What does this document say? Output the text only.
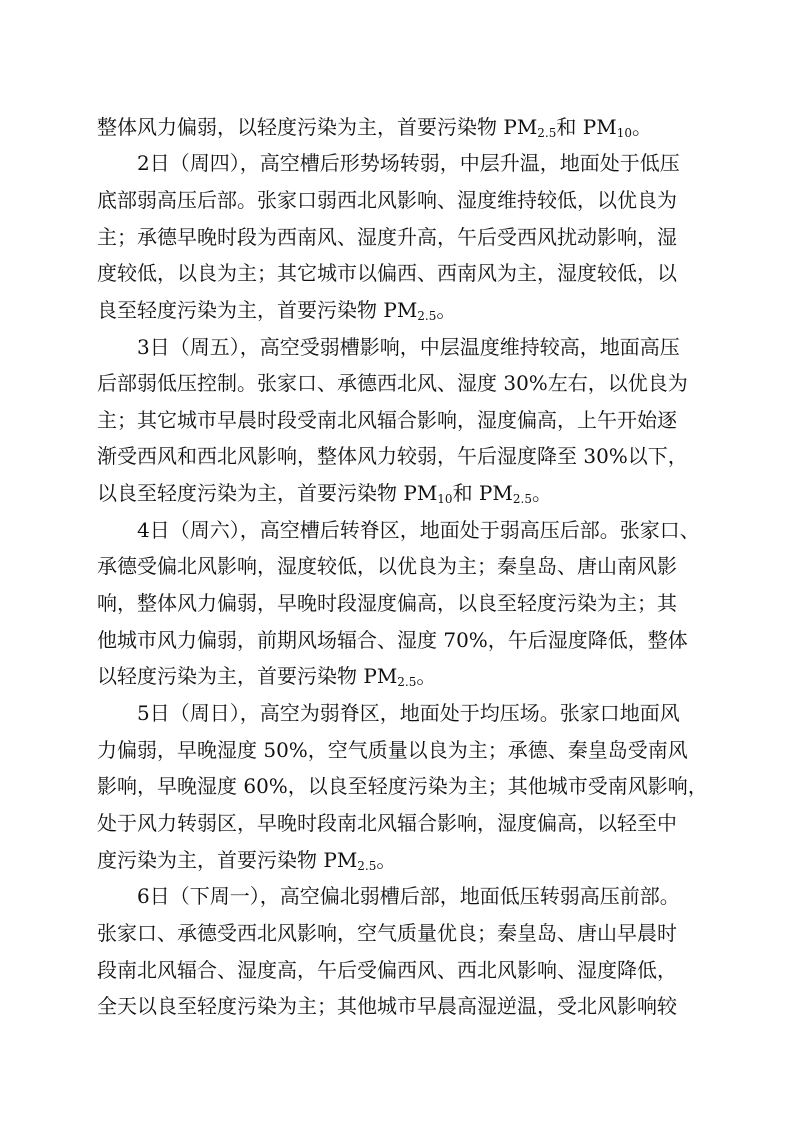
整体风力偏弱，以轻度污染为主，首要污染物 $PM_{2.5}$和 $PM_{10}$。
2日（周四），高空槽后形势场转弱，中层升温，地面处于低压
底部弱高压后部。张家口弱西北风影响、湿度维持较低，以优良为
主；承德早晚时段为西南风、湿度升高，午后受西风扰动影响，湿
度较低，以良为主；其它城市以偏西、西南风为主，湿度较低，以
良至轻度污染为主，首要污染物 $PM_{2.5}$。
3日（周五），高空受弱槽影响，中层温度维持较高，地面高压
后部弱低压控制。张家口、承德西北风、湿度 30%左右，以优良为
主；其它城市早晨时段受南北风辐合影响，湿度偏高，上午开始逐
渐受西风和西北风影响，整体风力较弱，午后湿度降至 30%以下，
以良至轻度污染为主，首要污染物 $PM_{10}$和 $PM_{2.5}$。
4日（周六），高空槽后转脊区，地面处于弱高压后部。张家口、
承德受偏北风影响，湿度较低，以优良为主；秦皇岛、唐山南风影
响，整体风力偏弱，早晚时段湿度偏高，以良至轻度污染为主；其
他城市风力偏弱，前期风场辐合、湿度 70%，午后湿度降低，整体
以轻度污染为主，首要污染物 $PM_{2.5}$。
5日（周日），高空为弱脊区，地面处于均压场。张家口地面风
力偏弱，早晚湿度 50%，空气质量以良为主；承德、秦皇岛受南风
影响，早晚湿度 60%，以良至轻度污染为主；其他城市受南风影响，
处于风力转弱区，早晚时段南北风辐合影响，湿度偏高，以轻至中
度污染为主，首要污染物 $PM_{2.5}$。
6日（下周一），高空偏北弱槽后部，地面低压转弱高压前部。
张家口、承德受西北风影响，空气质量优良；秦皇岛、唐山早晨时
段南北风辐合、湿度高，午后受偏西风、西北风影响、湿度降低，
全天以良至轻度污染为主；其他城市早晨高湿逆温，受北风影响较
